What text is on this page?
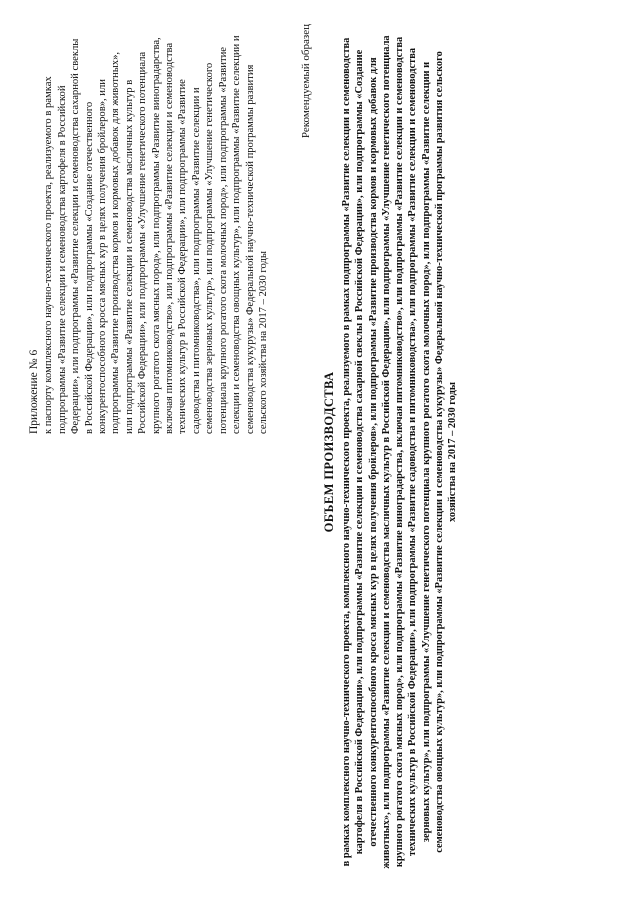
Приложение № 6 к паспорту комплексного научно-технического проекта, реализуемого в рамках подпрограммы «Развитие селекции и семеноводства картофеля в Российской Федерации», или подпрограммы «Развитие селекции и семеноводства сахарной свеклы в Российской Федерации», или подпрограммы «Создание отечественного конкурентоспособного кросса мясных кур в целях получения бройлеров», или подпрограммы «Развитие производства кормов и кормовых добавок для животных», или подпрограммы «Развитие селекции и семеноводства масличных культур в Российской Федерации», или подпрограммы «Улучшение генетического потенциала крупного рогатого скота мясных пород», или подпрограммы «Развитие виноградарства, включая питомниководство», или подпрограммы «Развитие селекции и семеноводства технических культур в Российской Федерации», или подпрограммы «Развитие садоводства и питомниководства», или подпрограммы «Развитие селекции и семеноводства зерновых культур», или подпрограммы «Улучшение генетического потенциала крупного рогатого скота молочных пород», или подпрограммы «Развитие селекции и семеноводства овощных культур», или подпрограммы «Развитие селекции и семеноводства кукурузы» Федеральной научно-технической программы развития сельского хозяйства на 2017 – 2030 годы
Рекомендуемый образец
ОБЪЕМ ПРОИЗВОДСТВА в рамках комплексного научно-технического проекта, комплексного научно-технического проекта, реализуемого в рамках подпрограммы «Развитие селекции и семеноводства картофеля в Российской Федерации», или подпрограммы «Развитие селекции и семеноводства сахарной свеклы в Российской Федерации», или подпрограммы «Создание отечественного конкурентоспособного кросса мясных кур в целях получения бройлеров», или подпрограммы «Развитие производства кормов и кормовых добавок для животных», или подпрограммы «Развитие селекции и семеноводства масличных культур в Российской Федерации», или подпрограммы «Улучшение генетического потенциала крупного рогатого скота мясных пород», или подпрограммы «Развитие виноградарства, включая питомниководство», или подпрограммы «Развитие селекции и семеноводства технических культур в Российской Федерации», или подпрограммы «Развитие садоводства и питомниководства», или подпрограммы «Развитие селекции и семеноводства зерновых культур», или подпрограммы «Улучшение генетического потенциала крупного рогатого скота молочных пород», или подпрограммы «Развитие селекции и семеноводства овощных культур», или подпрограммы «Развитие селекции и семеноводства кукурузы» Федеральной научно-технической программы развития сельского хозяйства на 2017 – 2030 годы
